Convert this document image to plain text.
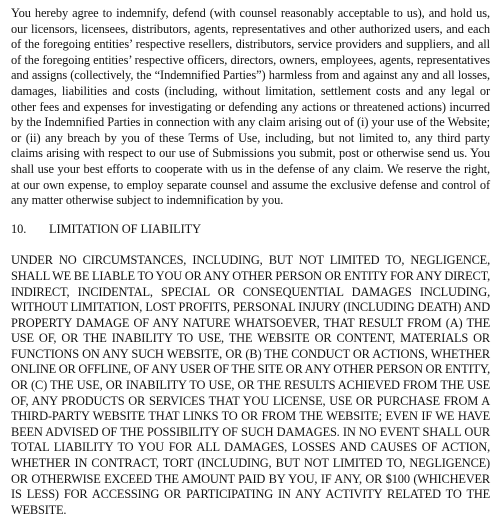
You hereby agree to indemnify, defend (with counsel reasonably acceptable to us), and hold us, our licensors, licensees, distributors, agents, representatives and other authorized users, and each of the foregoing entities’ respective resellers, distributors, service providers and suppliers, and all of the foregoing entities’ respective officers, directors, owners, employees, agents, representatives and assigns (collectively, the “Indemnified Parties”) harmless from and against any and all losses, damages, liabilities and costs (including, without limitation, settlement costs and any legal or other fees and expenses for investigating or defending any actions or threatened actions) incurred by the Indemnified Parties in connection with any claim arising out of (i) your use of the Website; or (ii) any breach by you of these Terms of Use, including, but not limited to, any third party claims arising with respect to our use of Submissions you submit, post or otherwise send us. You shall use your best efforts to cooperate with us in the defense of any claim. We reserve the right, at our own expense, to employ separate counsel and assume the exclusive defense and control of any matter otherwise subject to indemnification by you.

10.	LIMITATION OF LIABILITY

UNDER NO CIRCUMSTANCES, INCLUDING, BUT NOT LIMITED TO, NEGLIGENCE, SHALL WE BE LIABLE TO YOU OR ANY OTHER PERSON OR ENTITY FOR ANY DIRECT, INDIRECT, INCIDENTAL, SPECIAL OR CONSEQUENTIAL DAMAGES INCLUDING, WITHOUT LIMITATION, LOST PROFITS, PERSONAL INJURY (INCLUDING DEATH) AND PROPERTY DAMAGE OF ANY NATURE WHATSOEVER, THAT RESULT FROM (A) THE USE OF, OR THE INABILITY TO USE, THE WEBSITE OR CONTENT, MATERIALS OR FUNCTIONS ON ANY SUCH WEBSITE, OR (B) THE CONDUCT OR ACTIONS, WHETHER ONLINE OR OFFLINE, OF ANY USER OF THE SITE OR ANY OTHER PERSON OR ENTITY, OR (C) THE USE, OR INABILITY TO USE, OR THE RESULTS ACHIEVED FROM THE USE OF, ANY PRODUCTS OR SERVICES THAT YOU LICENSE, USE OR PURCHASE FROM A THIRD-PARTY WEBSITE THAT LINKS TO OR FROM THE WEBSITE; EVEN IF WE HAVE BEEN ADVISED OF THE POSSIBILITY OF SUCH DAMAGES. IN NO EVENT SHALL OUR TOTAL LIABILITY TO YOU FOR ALL DAMAGES, LOSSES AND CAUSES OF ACTION, WHETHER IN CONTRACT, TORT (INCLUDING, BUT NOT LIMITED TO, NEGLIGENCE) OR OTHERWISE EXCEED THE AMOUNT PAID BY YOU, IF ANY, OR $100 (WHICHEVER IS LESS) FOR ACCESSING OR PARTICIPATING IN ANY ACTIVITY RELATED TO THE WEBSITE.
